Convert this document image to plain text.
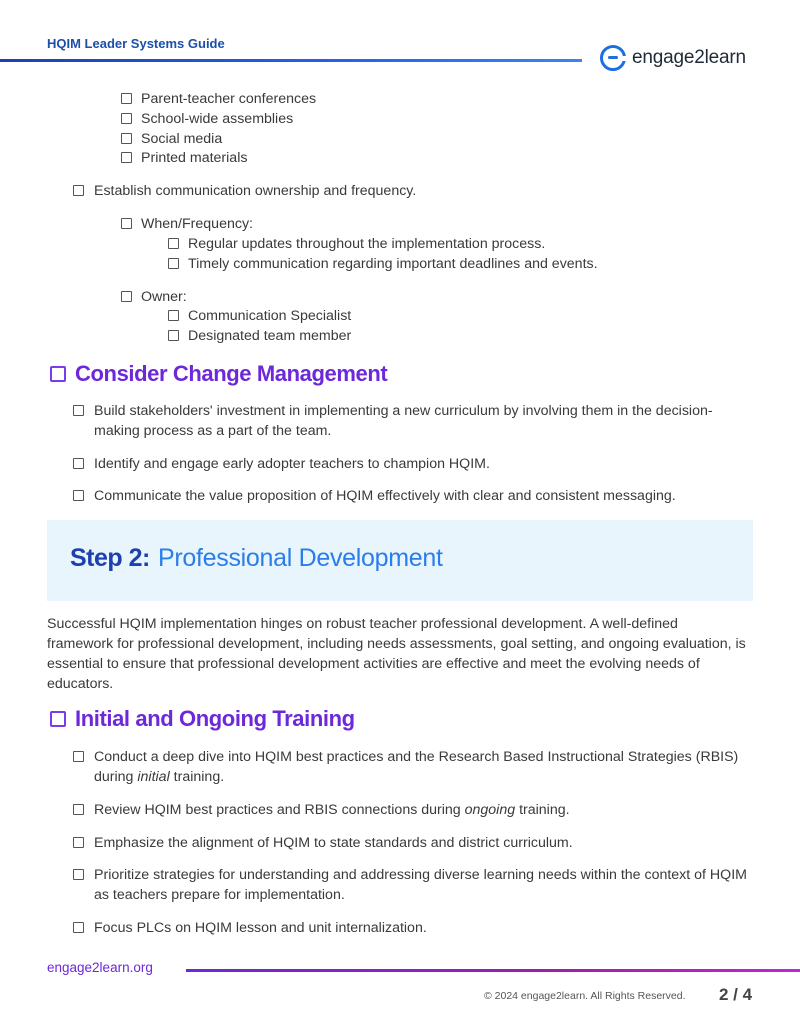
HQIM Leader Systems Guide
engage2learn
Parent-teacher conferences
School-wide assemblies
Social media
Printed materials
Establish communication ownership and frequency.
When/Frequency:
Regular updates throughout the implementation process.
Timely communication regarding important deadlines and events.
Owner:
Communication Specialist
Designated team member
Consider Change Management
Build stakeholders' investment in implementing a new curriculum by involving them in the decision-making process as a part of the team.
Identify and engage early adopter teachers to champion HQIM.
Communicate the value proposition of HQIM effectively with clear and consistent messaging.
Step 2: Professional Development
Successful HQIM implementation hinges on robust teacher professional development. A well-defined framework for professional development, including needs assessments, goal setting, and ongoing evaluation, is essential to ensure that professional development activities are effective and meet the evolving needs of educators.
Initial and Ongoing Training
Conduct a deep dive into HQIM best practices and the Research Based Instructional Strategies (RBIS) during initial training.
Review HQIM best practices and RBIS connections during ongoing training.
Emphasize the alignment of HQIM to state standards and district curriculum.
Prioritize strategies for understanding and addressing diverse learning needs within the context of HQIM as teachers prepare for implementation.
Focus PLCs on HQIM lesson and unit internalization.
engage2learn.org
© 2024 engage2learn. All Rights Reserved. 2 / 4
